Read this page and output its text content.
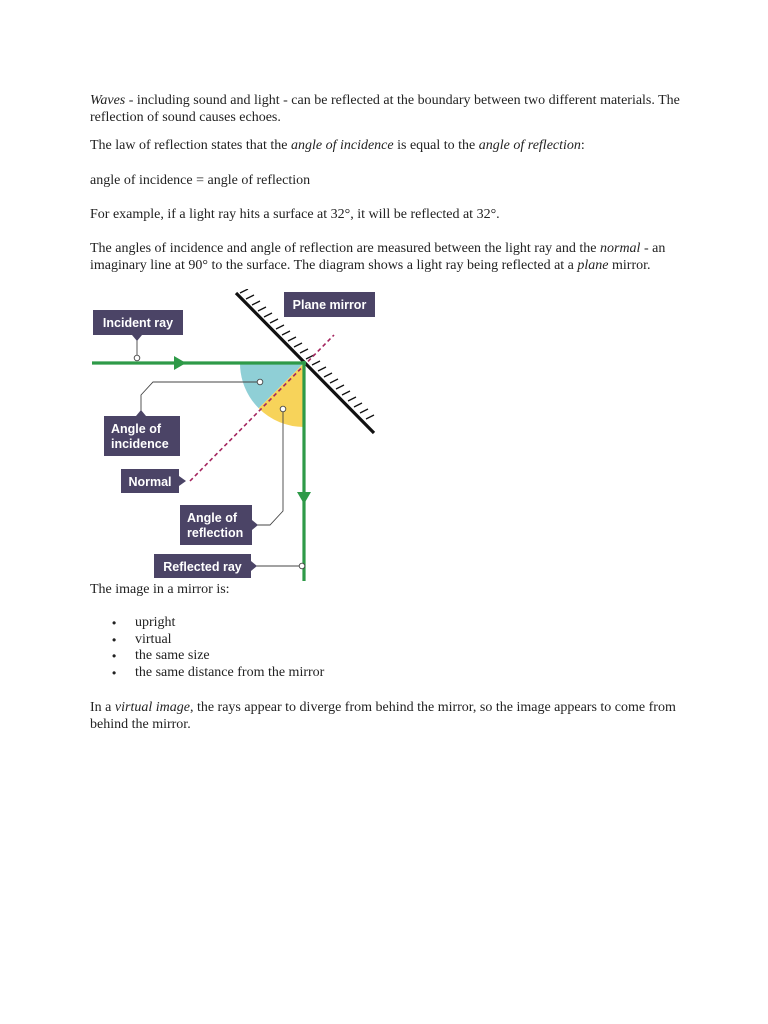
Waves - including sound and light - can be reflected at the boundary between two different materials. The reflection of sound causes echoes.

The law of reflection states that the angle of incidence is equal to the angle of reflection:

angle of incidence = angle of reflection

For example, if a light ray hits a surface at 32°, it will be reflected at 32°.

The angles of incidence and angle of reflection are measured between the light ray and the normal - an imaginary line at 90° to the surface. The diagram shows a light ray being reflected at a plane mirror.

Plane mirror
Incident ray
Angle of
incidence
Normal
Angle of
reflection
Reflected ray

The image in a mirror is:

• upright
• virtual
• the same size
• the same distance from the mirror

In a virtual image, the rays appear to diverge from behind the mirror, so the image appears to come from behind the mirror.
